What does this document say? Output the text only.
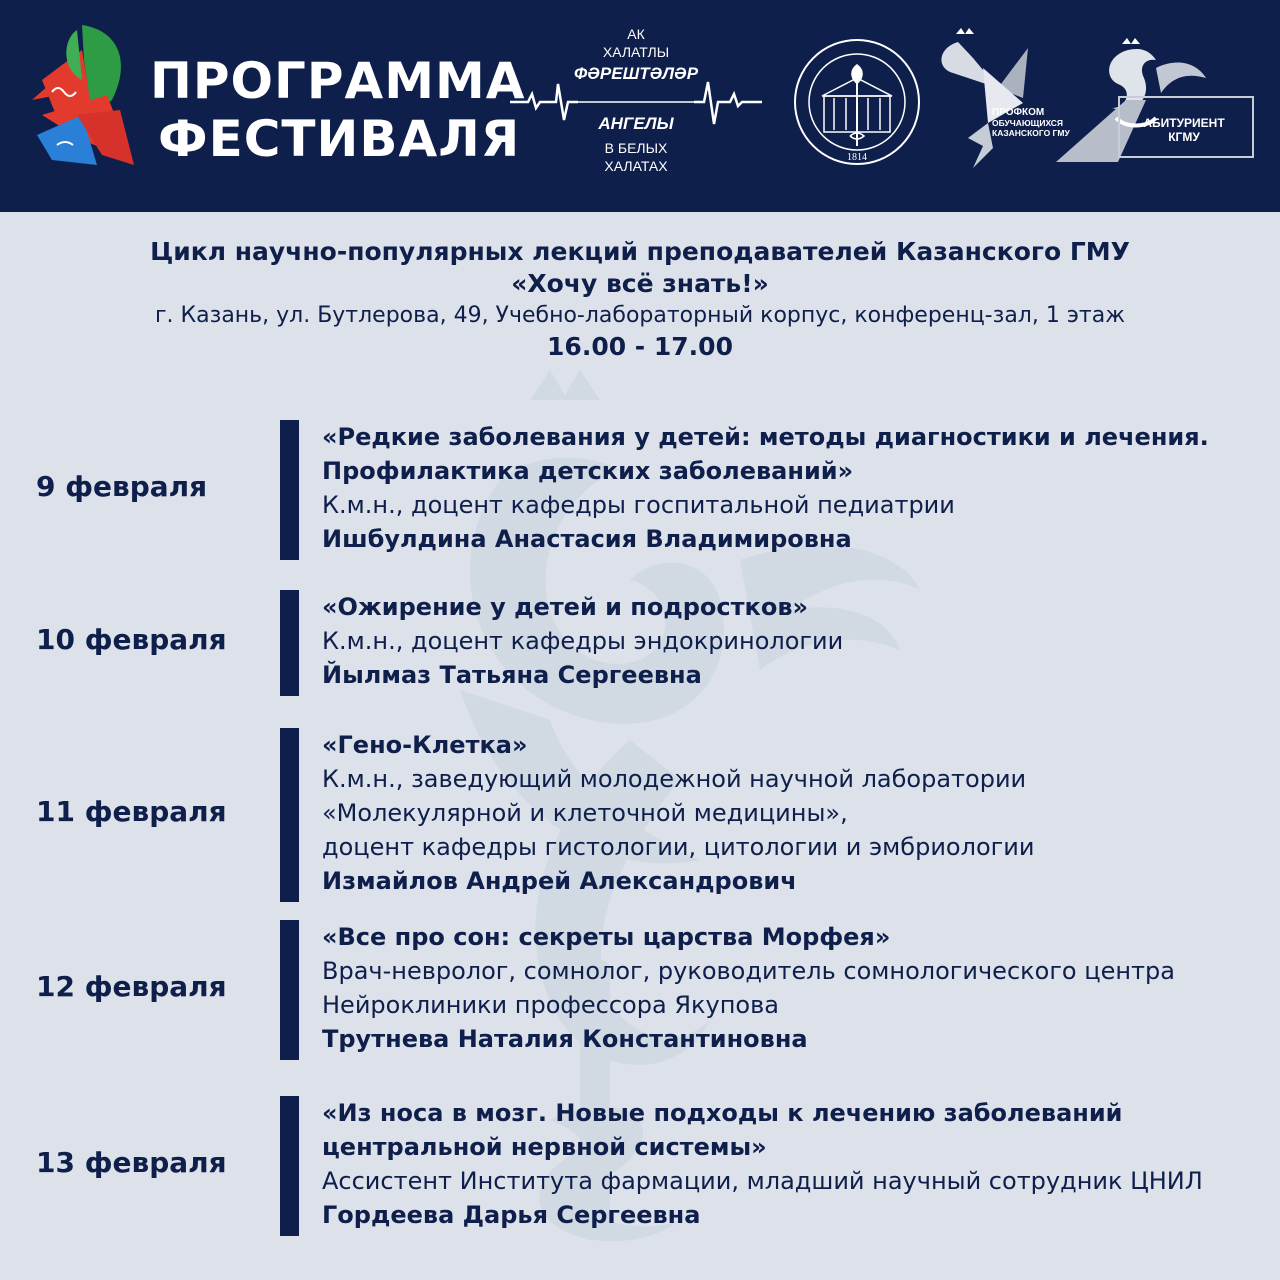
ПРОГРАММА
ФЕСТИВАЛЯ
АК
ХАЛАТЛЫ
ФӘРЕШТӘЛӘР
АНГЕЛЫ
В БЕЛЫХ
ХАЛАТАХ
1814
ПРОФКОМ
ОБУЧАЮЩИХСЯ
КАЗАНСКОГО ГМУ
АБИТУРИЕНТ
КГМУ
Цикл научно-популярных лекций преподавателей Казанского ГМУ
«Хочу всё знать!»
г. Казань, ул. Бутлерова, 49, Учебно-лабораторный корпус, конференц-зал, 1 этаж
16.00 - 17.00
9 февраля
«Редкие заболевания у детей: методы диагностики и лечения.
Профилактика детских заболеваний»
К.м.н., доцент кафедры госпитальной педиатрии
Ишбулдина Анастасия Владимировна
10 февраля
«Ожирение у детей и подростков»
К.м.н., доцент кафедры эндокринологии
Йылмаз Татьяна Сергеевна
11 февраля
«Гено-Клетка»
К.м.н., заведующий молодежной научной лаборатории
«Молекулярной и клеточной медицины»,
доцент кафедры гистологии, цитологии и эмбриологии
Измайлов Андрей Александрович
12 февраля
«Все про сон: секреты царства Морфея»
Врач-невролог, сомнолог, руководитель сомнологического центра
Нейроклиники профессора Якупова
Трутнева Наталия Константиновна
13 февраля
«Из носа в мозг. Новые подходы к лечению заболеваний
центральной нервной системы»
Ассистент Института фармации, младший научный сотрудник ЦНИЛ
Гордеева Дарья Сергеевна
